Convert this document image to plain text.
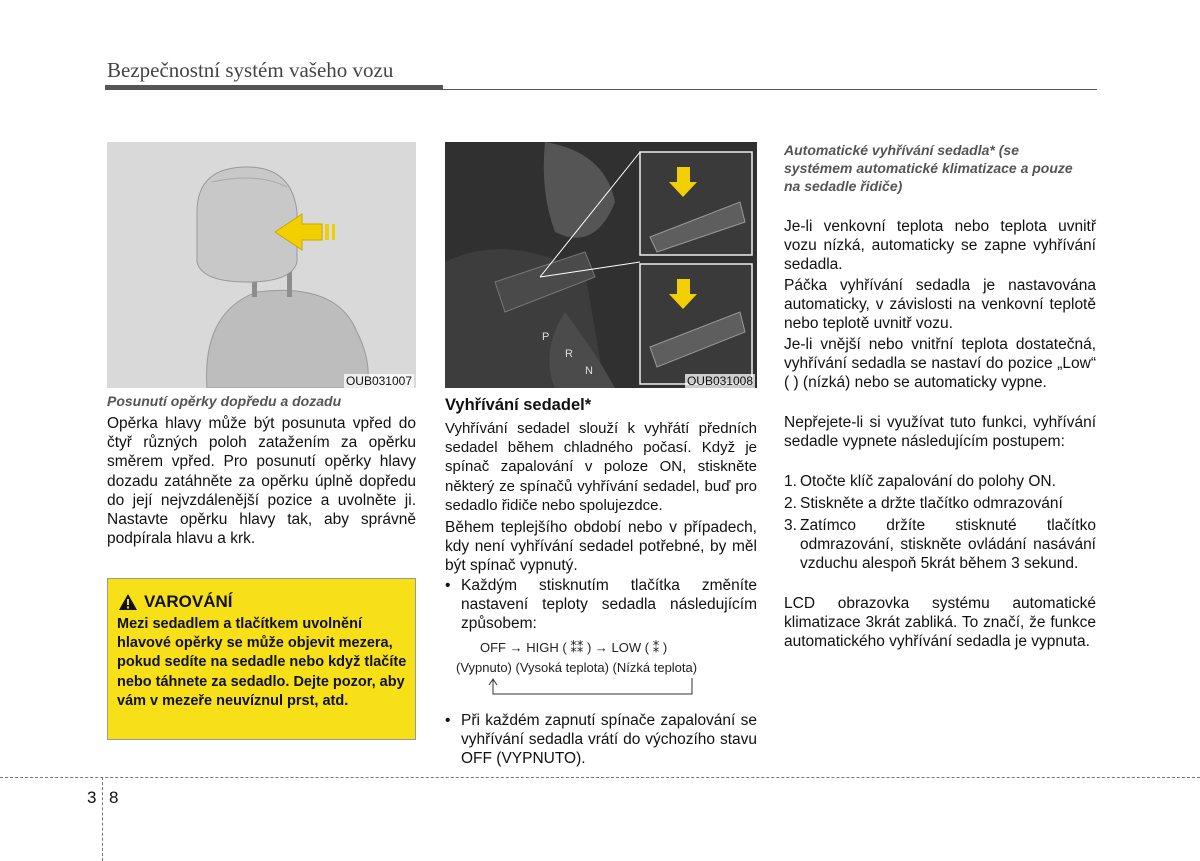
Bezpečnostní systém vašeho vozu
OUB031007
Posunutí opěrky dopředu a dozadu
Opěrka hlavy může být posunuta vpřed do čtyř různých poloh zatažením za opěrku směrem vpřed. Pro posunutí opěrky hlavy dozadu zatáhněte za opěrku úplně dopředu do její nejvzdálenější pozice a uvolněte ji. Nastavte opěrku hlavy tak, aby správně podpírala hlavu a krk.
VAROVÁNÍ
Mezi sedadlem a tlačítkem uvolnění hlavové opěrky se může objevit mezera, pokud sedíte na sedadle nebo když tlačíte nebo táhnete za sedadlo. Dejte pozor, aby vám v mezeře neuvíznul prst, atd.
P
R
N
OUB031008
Vyhřívání sedadel*
Vyhřívání sedadel slouží k vyhřátí předních sedadel během chladného počasí. Když je spínač zapalování v poloze ON, stiskněte některý ze spínačů vyhřívání sedadel, buď pro sedadlo řidiče nebo spolujezdce.
Během teplejšího období nebo v případech, kdy není vyhřívání sedadel potřebné, by měl být spínač vypnutý.
• Každým stisknutím tlačítka změníte nastavení teploty sedadla následujícím způsobem:
OFF → HIGH ( ⁑⁑ ) → LOW ( ⁑ )
(Vypnuto) (Vysoká teplota) (Nízká teplota)
• Při každém zapnutí spínače zapalování se vyhřívání sedadla vrátí do výchozího stavu OFF (VYPNUTO).
Automatické vyhřívání sedadla* (se systémem automatické klimatizace a pouze na sedadle řidiče)
Je-li venkovní teplota nebo teplota uvnitř vozu nízká, automaticky se zapne vyhřívání sedadla.
Páčka vyhřívání sedadla je nastavována automaticky, v závislosti na venkovní teplotě nebo teplotě uvnitř vozu.
Je-li vnější nebo vnitřní teplota dostatečná, vyhřívání sedadla se nastaví do pozice „Low“ ( ) (nízká) nebo se automaticky vypne.
Nepřejete-li si využívat tuto funkci, vyhřívání sedadle vypnete následujícím postupem:
1. Otočte klíč zapalování do polohy ON.
2. Stiskněte a držte tlačítko odmrazování
3. Zatímco držíte stisknuté tlačítko odmrazování, stiskněte ovládání nasávání vzduchu alespoň 5krát během 3 sekund.
LCD obrazovka systému automatické klimatizace 3krát zabliká. To značí, že funkce automatického vyhřívání sedadla je vypnuta.
3 8
